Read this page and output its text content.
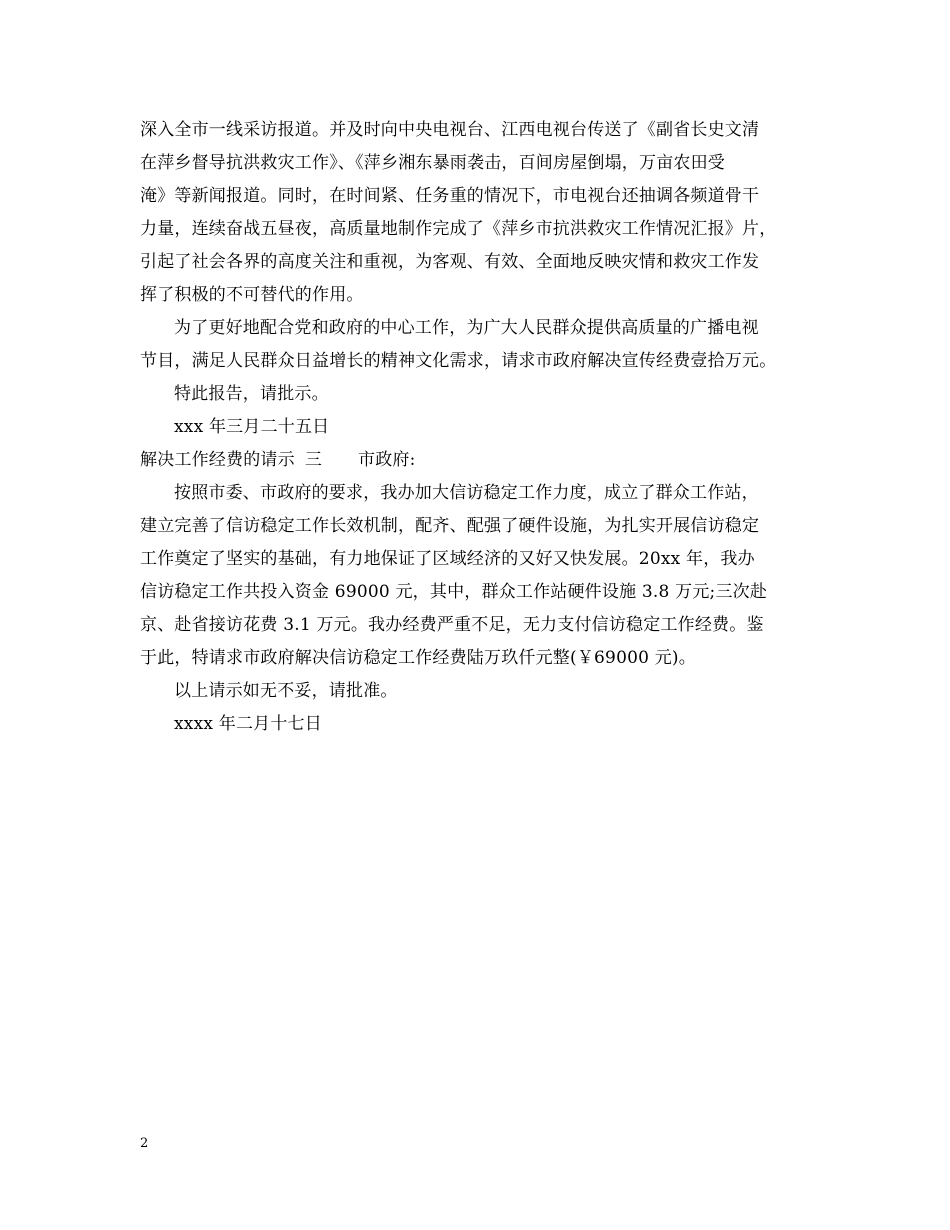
深入全市一线采访报道。并及时向中央电视台、江西电视台传送了《副省长史文清
在萍乡督导抗洪救灾工作》、《萍乡湘东暴雨袭击，百间房屋倒塌，万亩农田受
淹》等新闻报道。同时，在时间紧、任务重的情况下，市电视台还抽调各频道骨干
力量，连续奋战五昼夜，高质量地制作完成了《萍乡市抗洪救灾工作情况汇报》片，
引起了社会各界的高度关注和重视，为客观、有效、全面地反映灾情和救灾工作发
挥了积极的不可替代的作用。
为了更好地配合党和政府的中心工作，为广大人民群众提供高质量的广播电视
节目，满足人民群众日益增长的精神文化需求，请求市政府解决宣传经费壹拾万元。
特此报告，请批示。
xxx 年三月二十五日
解决工作经费的请示 三 市政府:
按照市委、市政府的要求，我办加大信访稳定工作力度，成立了群众工作站，
建立完善了信访稳定工作长效机制，配齐、配强了硬件设施，为扎实开展信访稳定
工作奠定了坚实的基础，有力地保证了区域经济的又好又快发展。20xx 年，我办
信访稳定工作共投入资金 69000 元，其中，群众工作站硬件设施 3.8 万元;三次赴
京、赴省接访花费 3.1 万元。我办经费严重不足，无力支付信访稳定工作经费。鉴
于此，特请求市政府解决信访稳定工作经费陆万玖仟元整(￥69000 元)。
以上请示如无不妥，请批准。
xxxx 年二月十七日
2
